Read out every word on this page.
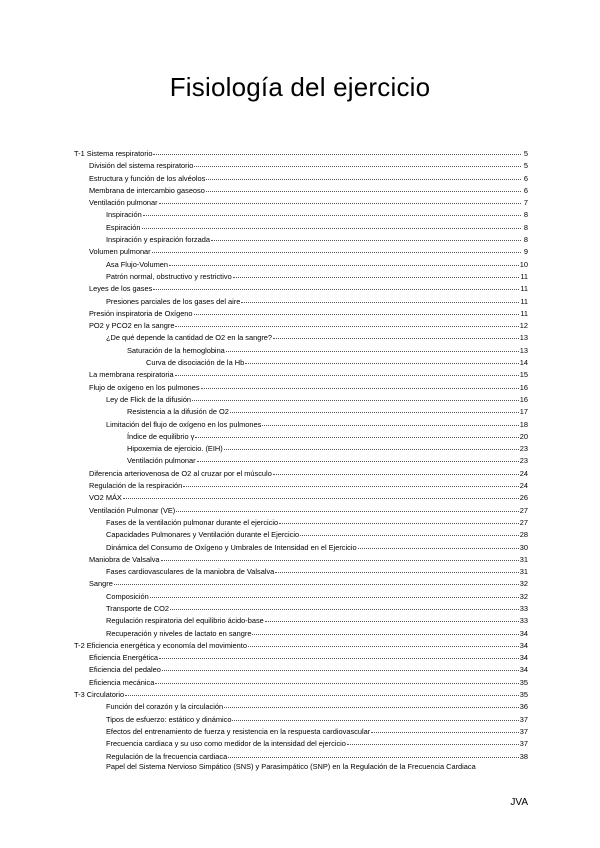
Fisiología del ejercicio
T-1 Sistema respiratorio	5
División del sistema respiratorio	5
Estructura y función de los alvéolos	6
Membrana de intercambio gaseoso	6
Ventilación pulmonar	7
Inspiración	8
Espiración	8
Inspiración y espiración forzada	8
Volumen pulmonar	9
Asa Flujo-Volumen	10
Patrón normal, obstructivo y restrictivo	11
Leyes de los gases	11
Presiones parciales de los gases del aire	11
Presión inspiratoria de Oxígeno	11
PO2 y PCO2 en la sangre	12
¿De qué depende la cantidad de O2 en la sangre?	13
Saturación de la hemoglobina	13
Curva de disociación de la Hb	14
La membrana respiratoria	15
Flujo de oxígeno en los pulmones	16
Ley de Flick de la difusión	16
Resistencia a la difusión de O2	17
Limitación del flujo de oxígeno en los pulmones	18
Índice de equilibrio γ	20
Hipoxemia de ejercicio. (EIH)	23
Ventilación pulmonar	23
Diferencia arteriovenosa de O2 al cruzar por el músculo	24
Regulación de la respiración	24
VO2 MÁX	26
Ventilación Pulmonar (VE)	27
Fases de la ventilación pulmonar durante el ejercicio	27
Capacidades Pulmonares y Ventilación durante el Ejercicio	28
Dinámica del Consumo de Oxígeno y Umbrales de Intensidad en el Ejercicio	30
Maniobra de Valsalva	31
Fases cardiovasculares de la maniobra de Valsalva	31
Sangre	32
Composición	32
Transporte de CO2	33
Regulación respiratoria del equilibrio ácido-base	33
Recuperación y niveles de lactato en sangre	34
T-2 Eficiencia energética y economía del movimiento	34
Eficiencia Energética	34
Eficiencia del pedaleo	34
Eficiencia mecánica	35
T-3 Circulatorio	35
Función del corazón y la circulación	36
Tipos de esfuerzo: estático y dinámico	37
Efectos del entrenamiento de fuerza y resistencia en la respuesta cardiovascular	37
Frecuencia cardiaca y su uso como medidor de la intensidad del ejercicio	37
Regulación de la frecuencia cardiaca	38
Papel del Sistema Nervioso Simpático (SNS) y Parasimpático (SNP) en la Regulación de la Frecuencia Cardiaca
JVA
